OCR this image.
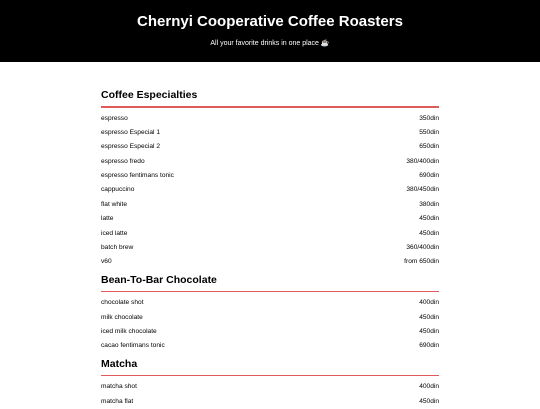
Chernyi Cooperative Coffee Roasters
All your favorite drinks in one place ☕
Coffee Especialties
espresso	350din
espresso Especial 1	550din
espresso Especial 2	650din
espresso fredo	380/400din
espresso fentimans tonic	690din
cappuccino	380/450din
flat white	380din
latte	450din
iced latte	450din
batch brew	360/400din
v60	from 650din
Bean-To-Bar Chocolate
chocolate shot	400din
milk chocolate	450din
iced milk chocolate	450din
cacao fentimans tonic	690din
Matcha
matcha shot	400din
matcha flat	450din
